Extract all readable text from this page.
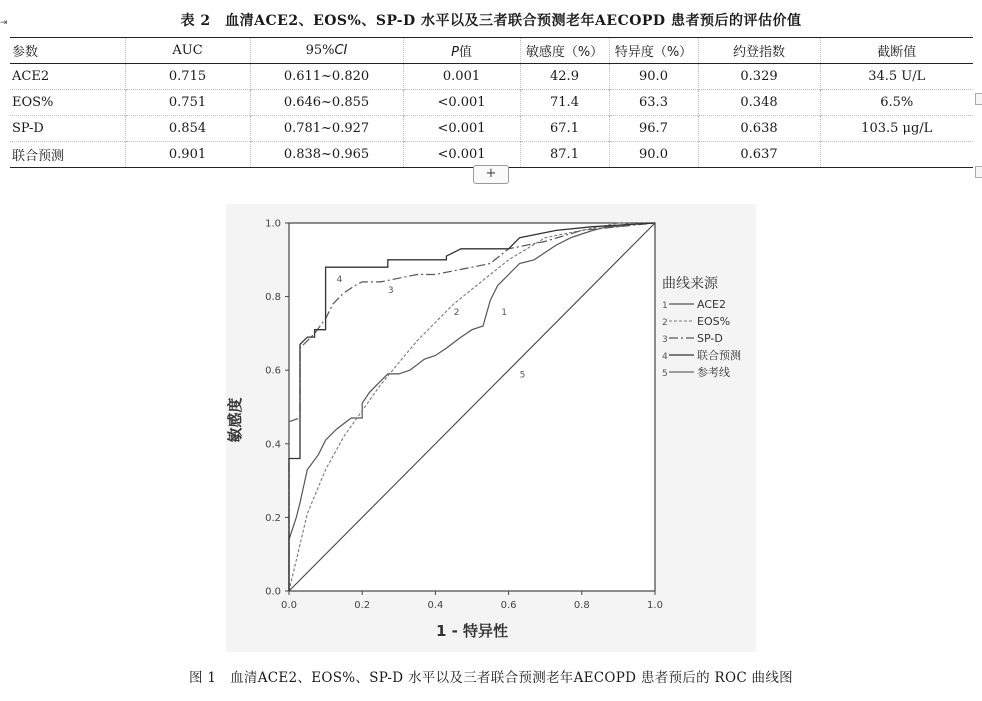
⇥	表 2　血清ACE2、EOS%、SP-D 水平以及三者联合预测老年AECOPD 患者预后的评估价值
参数	AUC	95%CI	P值	敏感度（%）	特异度（%）	约登指数	截断值
ACE2	0.715	0.611~0.820	0.001	42.9	90.0	0.329	34.5 U/L
EOS%	0.751	0.646~0.855	<0.001	71.4	63.3	0.348	6.5%
SP-D	0.854	0.781~0.927	<0.001	67.1	96.7	0.638	103.5 μg/L
联合预测	0.901	0.838~0.965	<0.001	87.1	90.0	0.637	
+
0.0	0.2	0.4	0.6	0.8	1.0
0.0
0.2
0.4
0.6
0.8
1.0
1
2
3
4
5
敏感度
1 - 特异性
曲线来源
1	ACE2
2	EOS%
3	SP-D
4	联合预测
5	参考线
图 1　血清ACE2、EOS%、SP-D 水平以及三者联合预测老年AECOPD 患者预后的 ROC 曲线图
